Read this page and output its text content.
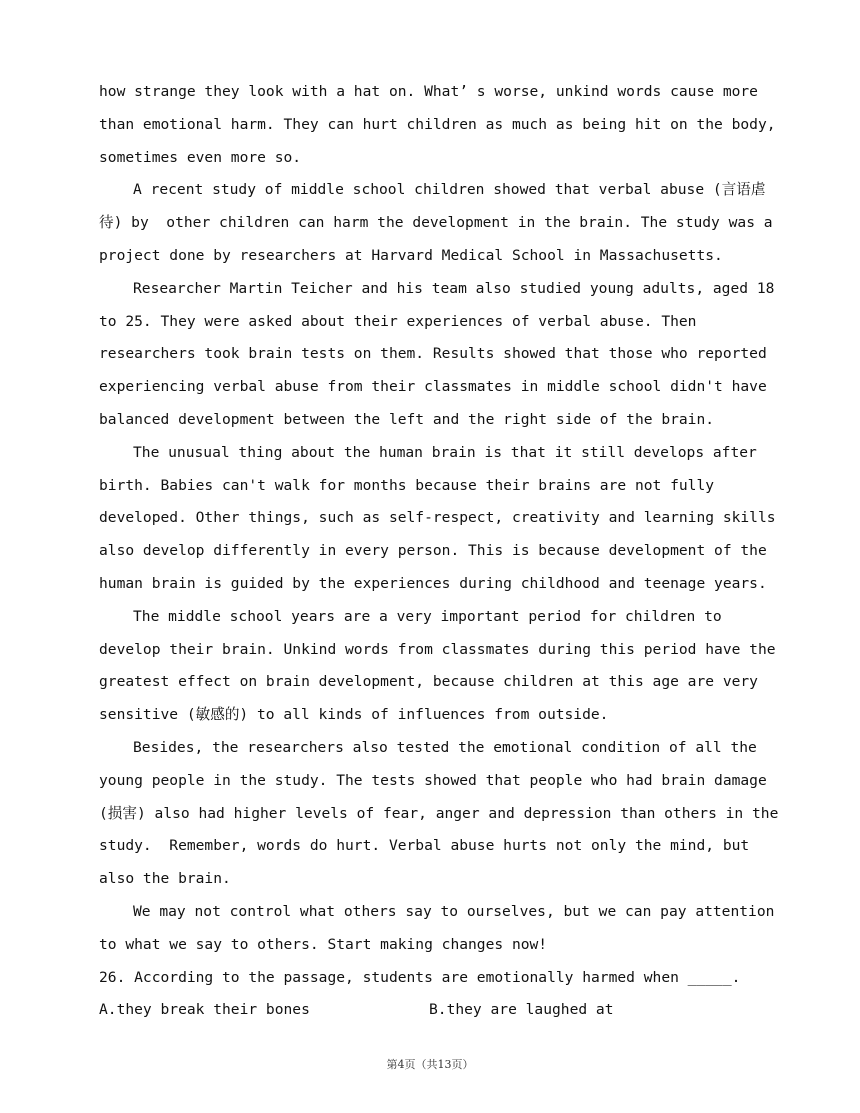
how strange they look with a hat on. What’ s worse, unkind words cause more
than emotional harm. They can hurt children as much as being hit on the body,
sometimes even more so.
A recent study of middle school children showed that verbal abuse (言语虐
待) by  other children can harm the development in the brain. The study was a
project done by researchers at Harvard Medical School in Massachusetts.
Researcher Martin Teicher and his team also studied young adults, aged 18
to 25. They were asked about their experiences of verbal abuse. Then
researchers took brain tests on them. Results showed that those who reported
experiencing verbal abuse from their classmates in middle school didn't have
balanced development between the left and the right side of the brain.
The unusual thing about the human brain is that it still develops after
birth. Babies can't walk for months because their brains are not fully
developed. Other things, such as self-respect, creativity and learning skills
also develop differently in every person. This is because development of the
human brain is guided by the experiences during childhood and teenage years.
The middle school years are a very important period for children to
develop their brain. Unkind words from classmates during this period have the
greatest effect on brain development, because children at this age are very
sensitive (敏感的) to all kinds of influences from outside.
Besides, the researchers also tested the emotional condition of all the
young people in the study. The tests showed that people who had brain damage
(损害) also had higher levels of fear, anger and depression than others in the
study.  Remember, words do hurt. Verbal abuse hurts not only the mind, but
also the brain.
We may not control what others say to ourselves, but we can pay attention
to what we say to others. Start making changes now!
26. According to the passage, students are emotionally harmed when _____.
A.they break their bones	B.they are laughed at
第4页（共13页）
